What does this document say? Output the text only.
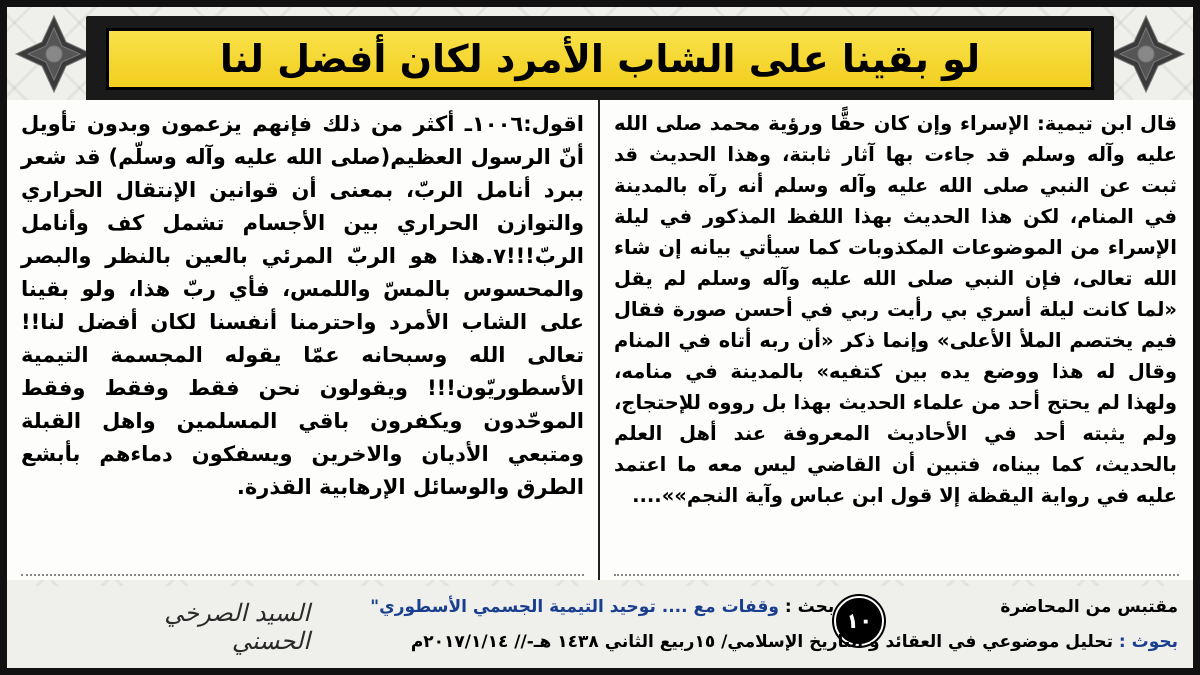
لو بقينا على الشاب الأمرد لكان أفضل لنا

قال ابن تيمية: الإسراء وإن كان حقًّا ورؤية محمد صلى الله عليه وآله وسلم قد جاءت بها آثار ثابتة، وهذا الحديث قد ثبت عن النبي صلى الله عليه وآله وسلم أنه رآه بالمدينة في المنام، لكن هذا الحديث بهذا اللفظ المذكور في ليلة الإسراء من الموضوعات المكذوبات كما سيأتي بيانه إن شاء الله تعالى، فإن النبي صلى الله عليه وآله وسلم لم يقل «لما كانت ليلة أسري بي رأيت ربي في أحسن صورة فقال فيم يختصم الملأ الأعلى» وإنما ذكر «أن ربه أتاه في المنام وقال له هذا ووضع يده بين كتفيه» بالمدينة في منامه، ولهذا لم يحتج أحد من علماء الحديث بهذا بل رووه للإحتجاج، ولم يثبته أحد في الأحاديث المعروفة عند أهل العلم بالحديث، كما بيناه، فتبين أن القاضي ليس معه ما اعتمد عليه في رواية اليقظة إلا قول ابن عباس وآية النجم»»....

اقول:١٠٠٦ـ أكثر من ذلك فإنهم يزعمون وبدون تأويل أنّ الرسول العظيم(صلى الله عليه وآله وسلّم) قد شعر ببرد أنامل الربّ، بمعنى أن قوانين الإنتقال الحراري والتوازن الحراري بين الأجسام تشمل كف وأنامل الربّ!!!٧.هذا هو الربّ المرئي بالعين بالنظر والبصر والمحسوس بالمسّ واللمس، فأي ربّ هذا، ولو بقينا على الشاب الأمرد واحترمنا أنفسنا لكان أفضل لنا!! تعالى الله وسبحانه عمّا يقوله المجسمة التيمية الأسطوريّون!!! ويقولون نحن فقط وفقط وفقط الموحّدون ويكفرون باقي المسلمين واهل القبلة ومتبعي الأديان والاخرين ويسفكون دماءهم بأبشع الطرق والوسائل الإرهابية القذرة.

مقتبس من المحاضرة
١٠
من بحث : وقفات مع .... توحيد التيمية الجسمي الأسطوري"
بحوث : تحليل موضوعي في العقائد و التاريخ الإسلامي/ ١٥ربيع الثاني ١٤٣٨ هـ-// ٢٠١٧/١/١٤م
السيد الصرخي الحسني
